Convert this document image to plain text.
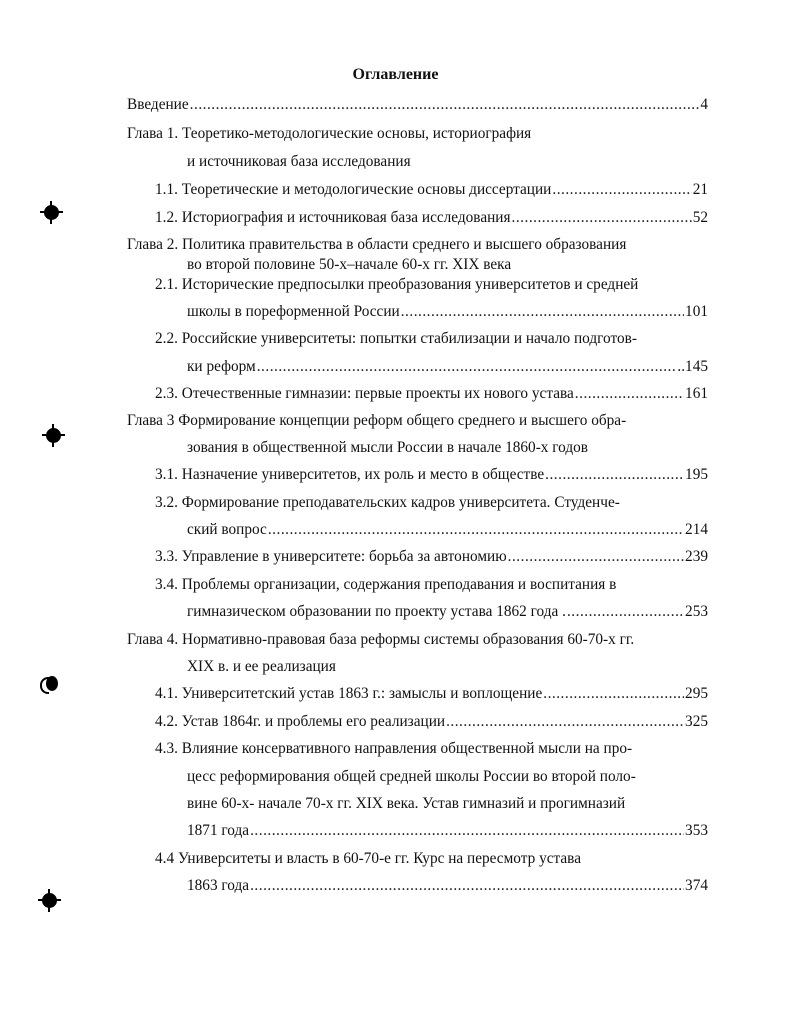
Оглавление
Введение .....	4
Глава 1. Теоретико-методологические основы, историография
и источниковая база исследования
1.1. Теоретические и методологические основы диссертации .....	21
1.2. Историография и источниковая база исследования .....	52
Глава 2. Политика правительства в области среднего и высшего образования
во второй половине 50-х–начале 60-х гг. XIX века
2.1. Исторические предпосылки преобразования университетов и средней
школы в пореформенной России .....	101
2.2. Российские университеты: попытки стабилизации и начало подготов-
ки реформ .....	..145
2.3. Отечественные гимназии: первые проекты их нового устава .....	161
Глава 3 Формирование концепции реформ общего среднего и высшего обра-
зования в общественной мысли России в начале 1860-х годов
3.1. Назначение университетов, их роль и место в обществе .....	195
3.2. Формирование преподавательских кадров университета. Студенче-
ский вопрос .....	214
3.3. Управление в университете: борьба за автономию .....	239
3.4. Проблемы организации, содержания преподавания и воспитания в
гимназическом образовании по проекту устава 1862 года . .....	253
Глава 4. Нормативно-правовая база реформы системы образования 60-70-х гг.
XIX в. и ее реализация
4.1. Университетский устав 1863 г.: замыслы и воплощение .....	295
4.2. Устав 1864г. и проблемы его реализации .....	325
4.3. Влияние консервативного направления общественной мысли на про-
цесс реформирования общей средней школы России во второй поло-
вине 60-х- начале 70-х гг. XIX века. Устав гимназий и прогимназий
1871 года .....	353
4.4 Университеты и власть в 60-70-е гг. Курс на пересмотр устава
1863 года .....	374
